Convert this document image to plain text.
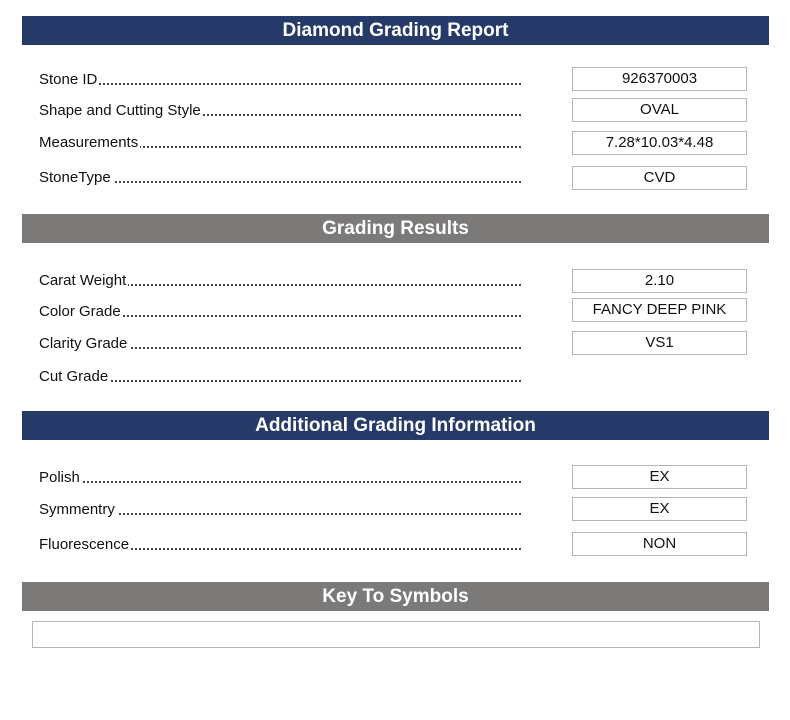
Diamond Grading Report
Stone ID	926370003
Shape and Cutting Style	OVAL
Measurements	7.28*10.03*4.48
StoneType	CVD
Grading Results
Carat Weight	2.10
Color Grade	FANCY DEEP PINK
Clarity Grade	VS1
Cut Grade
Additional Grading Information
Polish	EX
Symmentry	EX
Fluorescence	NON
Key To Symbols
